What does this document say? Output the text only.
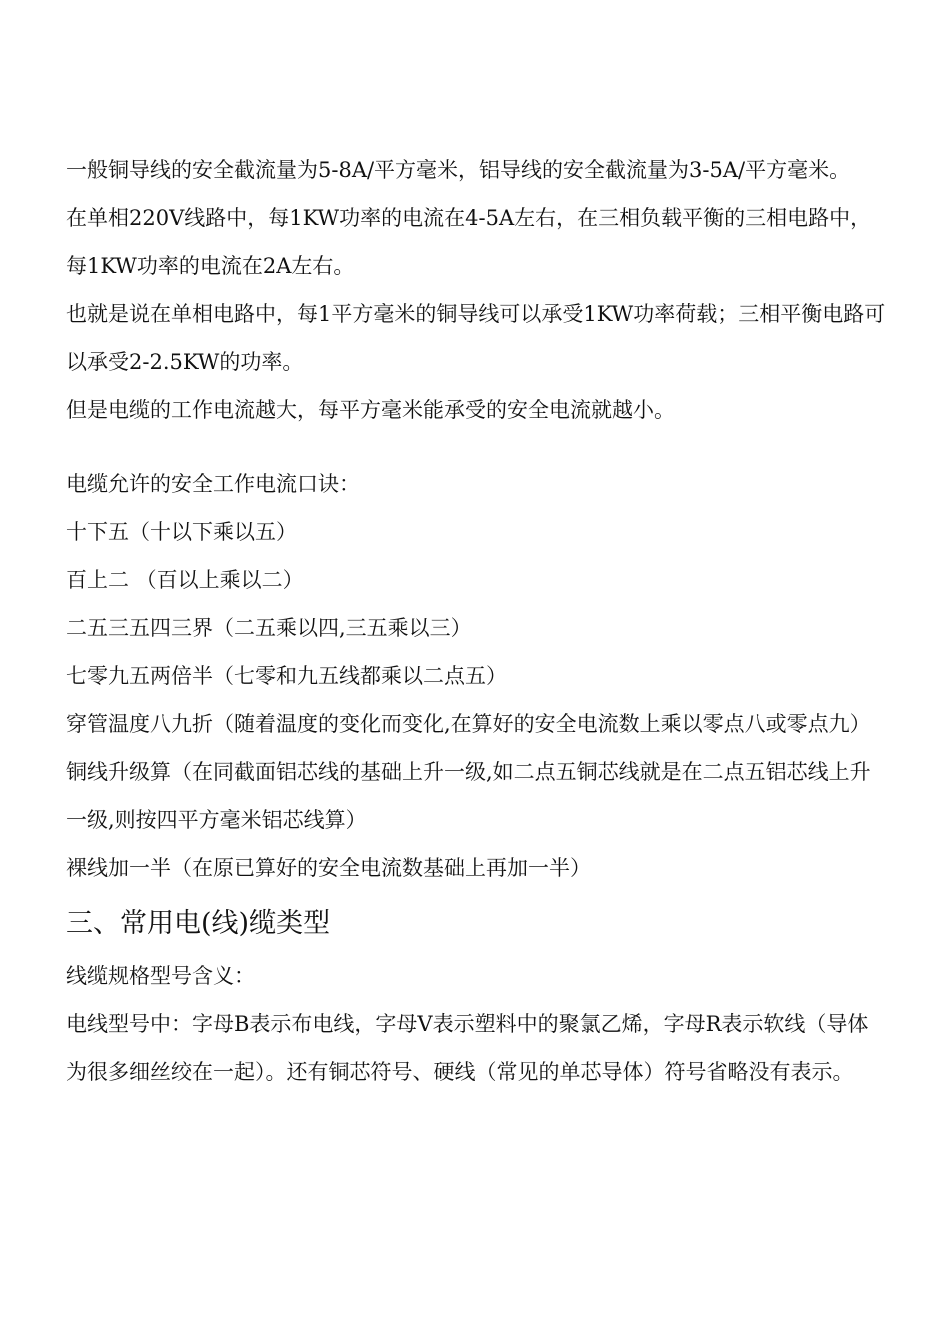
一般铜导线的安全截流量为5-8A/平方毫米，铝导线的安全截流量为3-5A/平方毫米。

在单相220V线路中，每1KW功率的电流在4-5A左右，在三相负载平衡的三相电路中，每1KW功率的电流在2A左右。

也就是说在单相电路中，每1平方毫米的铜导线可以承受1KW功率荷载；三相平衡电路可以承受2-2.5KW的功率。

但是电缆的工作电流越大，每平方毫米能承受的安全电流就越小。

电缆允许的安全工作电流口诀：

十下五（十以下乘以五）

百上二 （百以上乘以二）

二五三五四三界（二五乘以四,三五乘以三）

七零九五两倍半（七零和九五线都乘以二点五）

穿管温度八九折（随着温度的变化而变化,在算好的安全电流数上乘以零点八或零点九）

铜线升级算（在同截面铝芯线的基础上升一级,如二点五铜芯线就是在二点五铝芯线上升一级,则按四平方毫米铝芯线算）

裸线加一半（在原已算好的安全电流数基础上再加一半）

三、常用电(线)缆类型

线缆规格型号含义：

电线型号中：字母B表示布电线，字母V表示塑料中的聚氯乙烯，字母R表示软线（导体为很多细丝绞在一起）。还有铜芯符号、硬线（常见的单芯导体）符号省略没有表示。
